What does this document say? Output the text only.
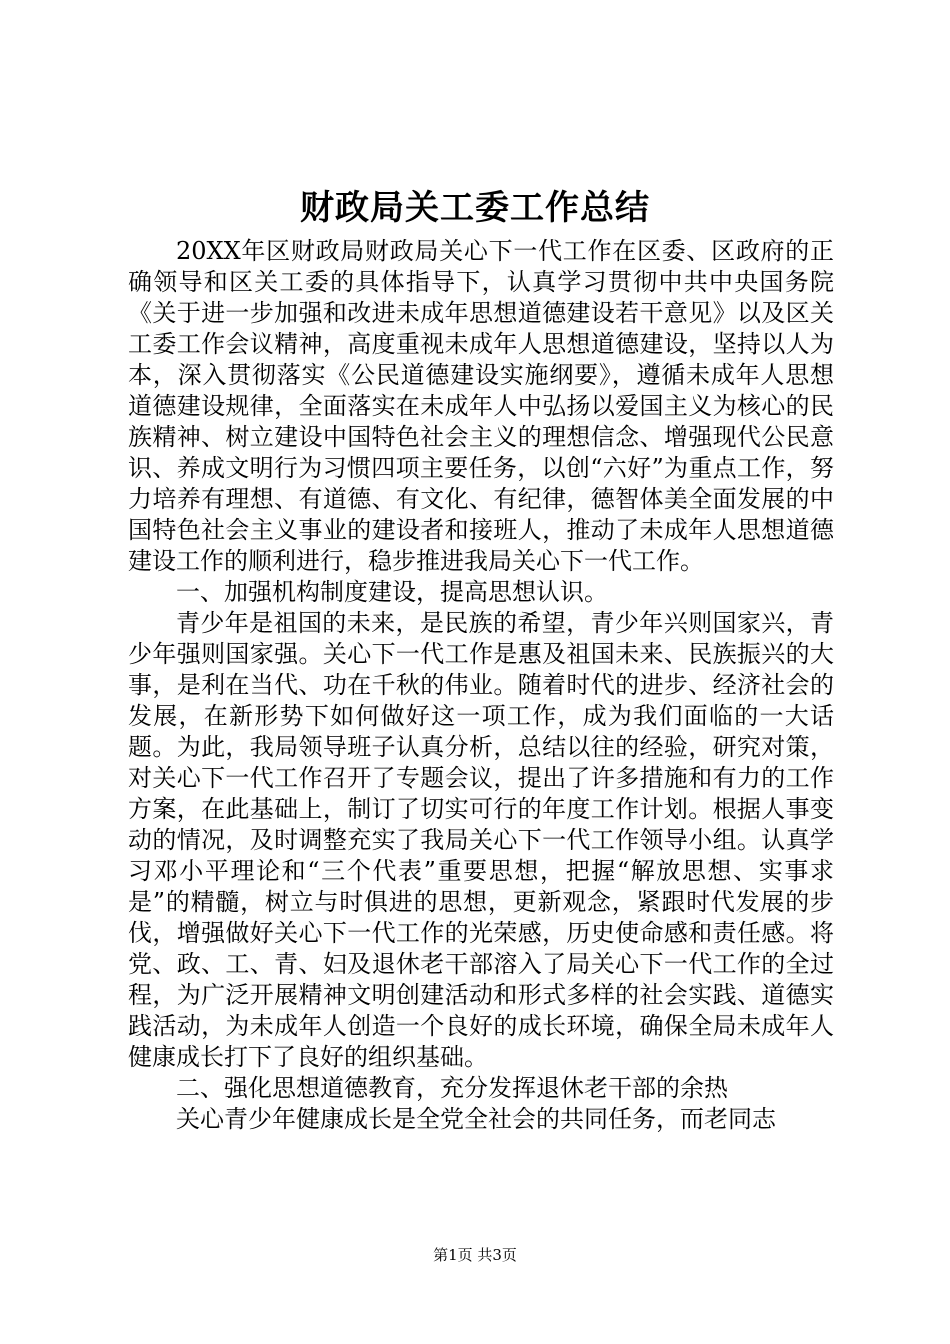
财政局关工委工作总结

20XX年区财政局财政局关心下一代工作在区委、区政府的正确领导和区关工委的具体指导下，认真学习贯彻中共中央国务院《关于进一步加强和改进未成年思想道德建设若干意见》以及区关工委工作会议精神，高度重视未成年人思想道德建设，坚持以人为本，深入贯彻落实《公民道德建设实施纲要》，遵循未成年人思想道德建设规律，全面落实在未成年人中弘扬以爱国主义为核心的民族精神、树立建设中国特色社会主义的理想信念、增强现代公民意识、养成文明行为习惯四项主要任务，以创“六好”为重点工作，努力培养有理想、有道德、有文化、有纪律，德智体美全面发展的中国特色社会主义事业的建设者和接班人，推动了未成年人思想道德建设工作的顺利进行，稳步推进我局关心下一代工作。

一、加强机构制度建设，提高思想认识。

青少年是祖国的未来，是民族的希望，青少年兴则国家兴，青少年强则国家强。关心下一代工作是惠及祖国未来、民族振兴的大事，是利在当代、功在千秋的伟业。随着时代的进步、经济社会的发展，在新形势下如何做好这一项工作，成为我们面临的一大话题。为此，我局领导班子认真分析，总结以往的经验，研究对策，对关心下一代工作召开了专题会议，提出了许多措施和有力的工作方案，在此基础上，制订了切实可行的年度工作计划。根据人事变动的情况，及时调整充实了我局关心下一代工作领导小组。认真学习邓小平理论和“三个代表”重要思想，把握“解放思想、实事求是”的精髓，树立与时俱进的思想，更新观念，紧跟时代发展的步伐，增强做好关心下一代工作的光荣感，历史使命感和责任感。将党、政、工、青、妇及退休老干部溶入了局关心下一代工作的全过程，为广泛开展精神文明创建活动和形式多样的社会实践、道德实践活动，为未成年人创造一个良好的成长环境，确保全局未成年人健康成长打下了良好的组织基础。

二、强化思想道德教育，充分发挥退休老干部的余热

关心青少年健康成长是全党全社会的共同任务，而老同志

第1页 共3页
